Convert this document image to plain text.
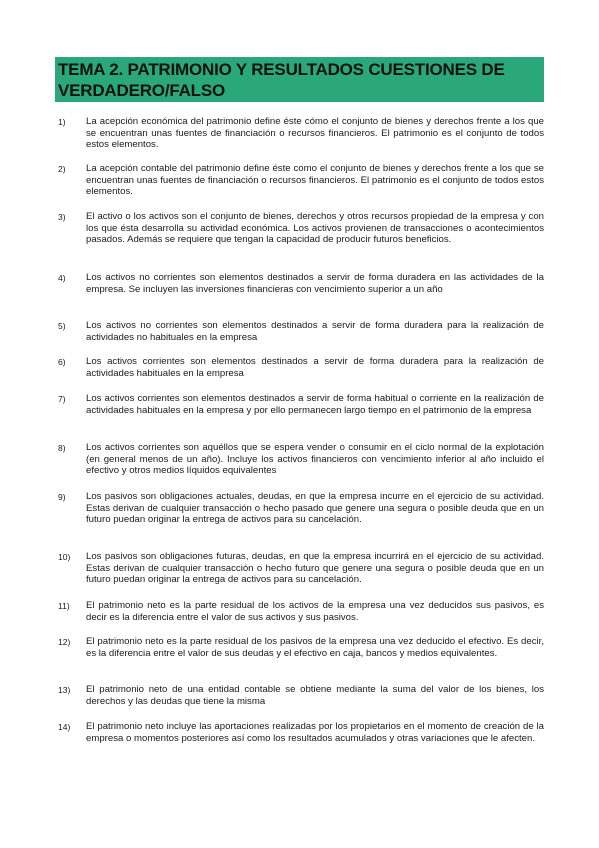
TEMA 2. PATRIMONIO Y RESULTADOS CUESTIONES DE VERDADERO/FALSO
1)	La acepción económica del patrimonio define éste cómo el conjunto de bienes y derechos frente a los que se encuentran unas fuentes de financiación o recursos financieros. El patrimonio es el conjunto de todos estos elementos.

2)	La acepción contable del patrimonio define éste como el conjunto de bienes y derechos frente a los que se encuentran unas fuentes de financiación o recursos financieros. El patrimonio es el conjunto de todos estos elementos.

3)	El activo o los activos son el conjunto de bienes, derechos y otros recursos propiedad de la empresa y con los que ésta desarrolla su actividad económica. Los activos provienen de transacciones o acontecimientos pasados. Además se requiere que tengan la capacidad de producir futuros beneficios.

4)	Los activos no corrientes son elementos destinados a servir de forma duradera en las actividades de la empresa. Se incluyen las inversiones financieras con vencimiento superior a un año

5)	Los activos no corrientes son elementos destinados a servir de forma duradera para la realización de actividades no habituales en la empresa

6)	Los activos corrientes son elementos destinados a servir de forma duradera para la realización de actividades habituales en la empresa

7)	Los activos corrientes son elementos destinados a servir de forma habitual o corriente en la realización de actividades habituales en la empresa y por ello permanecen largo tiempo en el patrimonio de la empresa

8)	Los activos corrientes son aquéllos que se espera vender o consumir en el ciclo normal de la explotación (en general menos de un año). Incluye los activos financieros con vencimiento inferior al año incluido el efectivo y otros medios líquidos equivalentes

9)	Los pasivos son obligaciones actuales, deudas, en que la empresa incurre en el ejercicio de su actividad. Estas derivan de cualquier transacción o hecho pasado que genere una segura o posible deuda que en un futuro puedan originar la entrega de activos para su cancelación.

10)	Los pasivos son obligaciones futuras, deudas, en que la empresa incurrirá en el ejercicio de su actividad. Estas derivan de cualquier transacción o hecho futuro que genere una segura o posible deuda que en un futuro puedan originar la entrega de activos para su cancelación.

11)	El patrimonio neto es la parte residual de los activos de la empresa una vez deducidos sus pasivos, es decir es la diferencia entre el valor de sus activos y sus pasivos.

12)	El patrimonio neto es la parte residual de los pasivos de la empresa una vez deducido el efectivo. Es decir, es la diferencia entre el valor de sus deudas y el efectivo en caja, bancos y medios equivalentes.

13)	El patrimonio neto de una entidad contable se obtiene mediante la suma del valor de los bienes, los derechos y las deudas que tiene la misma

14)	El patrimonio neto incluye las aportaciones realizadas por los propietarios en el momento de creación de la empresa o momentos posteriores así como los resultados acumulados y otras variaciones que le afecten.
